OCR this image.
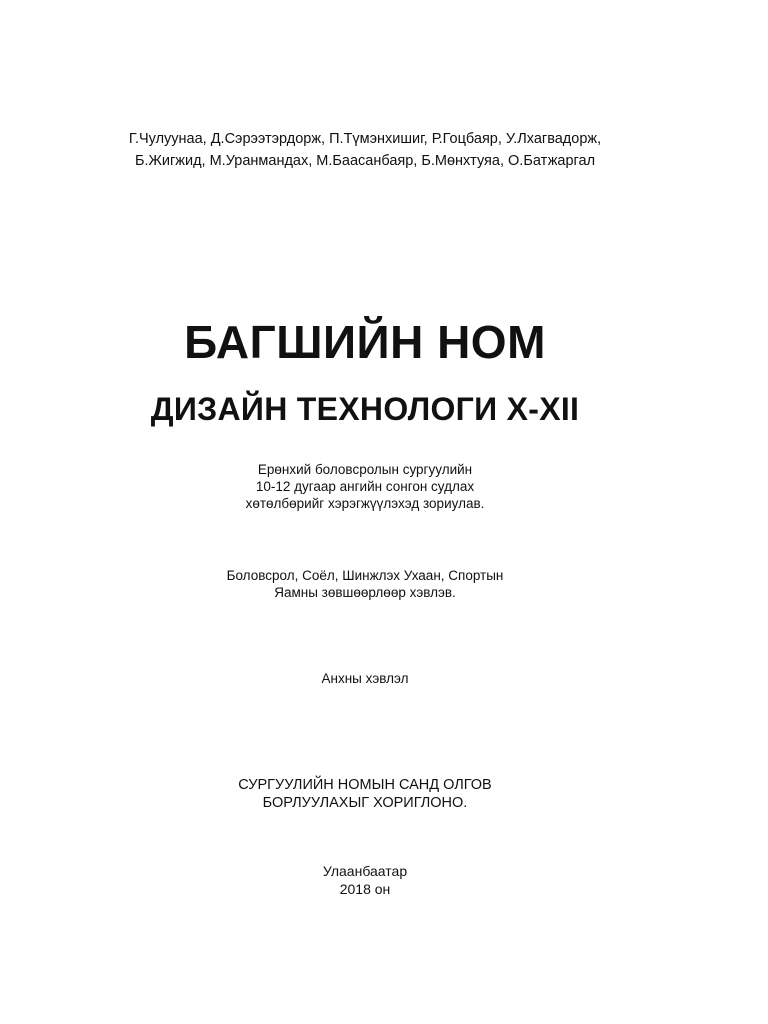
Г.Чулуунаа, Д.Сэрээтэрдорж, П.Түмэнхишиг, Р.Гоцбаяр, У.Лхагвадорж,
Б.Жигжид, М.Уранмандах, М.Баасанбаяр, Б.Мөнхтуяа, О.Батжаргал
БАГШИЙН НОМ
ДИЗАЙН ТЕХНОЛОГИ X-XII
Ерөнхий боловсролын сургуулийн
10-12 дугаар ангийн сонгон судлах
хөтөлбөрийг хэрэгжүүлэхэд зориулав.
Боловсрол, Соёл, Шинжлэх Ухаан, Спортын
Яамны зөвшөөрлөөр хэвлэв.
Анхны хэвлэл
СУРГУУЛИЙН НОМЫН САНД ОЛГОВ
БОРЛУУЛАХЫГ ХОРИГЛОНО.
Улаанбаатар
2018 он
